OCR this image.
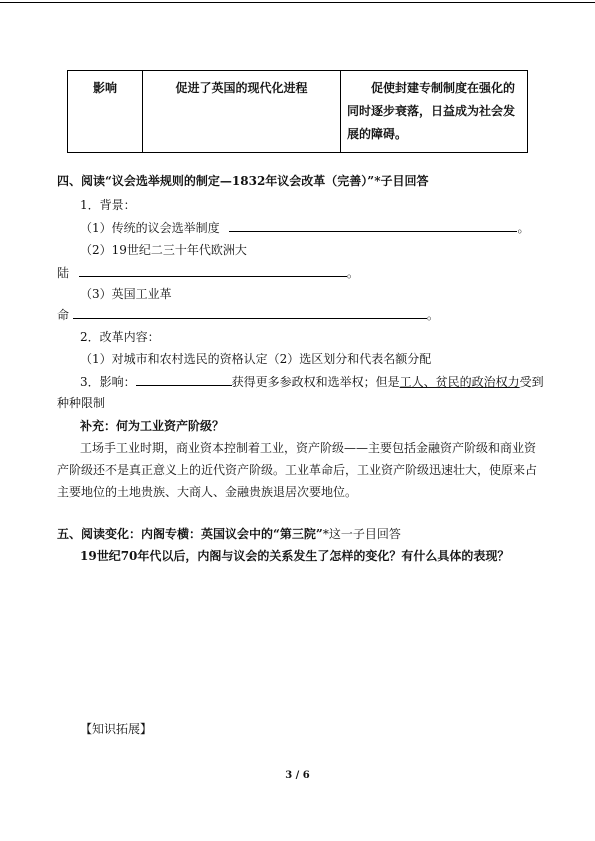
影响	促进了英国的现代化进程	促使封建专制制度在强化的同时逐步衰落，日益成为社会发展的障碍。
四、阅读“议会选举规则的制定—1832年议会改革（完善）”*子目回答
1．背景：
（1）传统的议会选举制度	。
（2）19世纪二三十年代欧洲大
陆	。
（3）英国工业革
命	。
2．改革内容：
（1）对城市和农村选民的资格认定（2）选区划分和代表名额分配
3．影响：	获得更多参政权和选举权；但是工人、贫民的政治权力受到
种种限制
补充：何为工业资产阶级？
工场手工业时期，商业资本控制着工业，资产阶级——主要包括金融资产阶级和商业资
产阶级还不是真正意义上的近代资产阶级。工业革命后，工业资产阶级迅速壮大，使原来占
主要地位的土地贵族、大商人、金融贵族退居次要地位。
五、阅读变化：内阁专横：英国议会中的“第三院”*这一子目回答
19世纪70年代以后，内阁与议会的关系发生了怎样的变化？有什么具体的表现？
【知识拓展】
3 / 6
